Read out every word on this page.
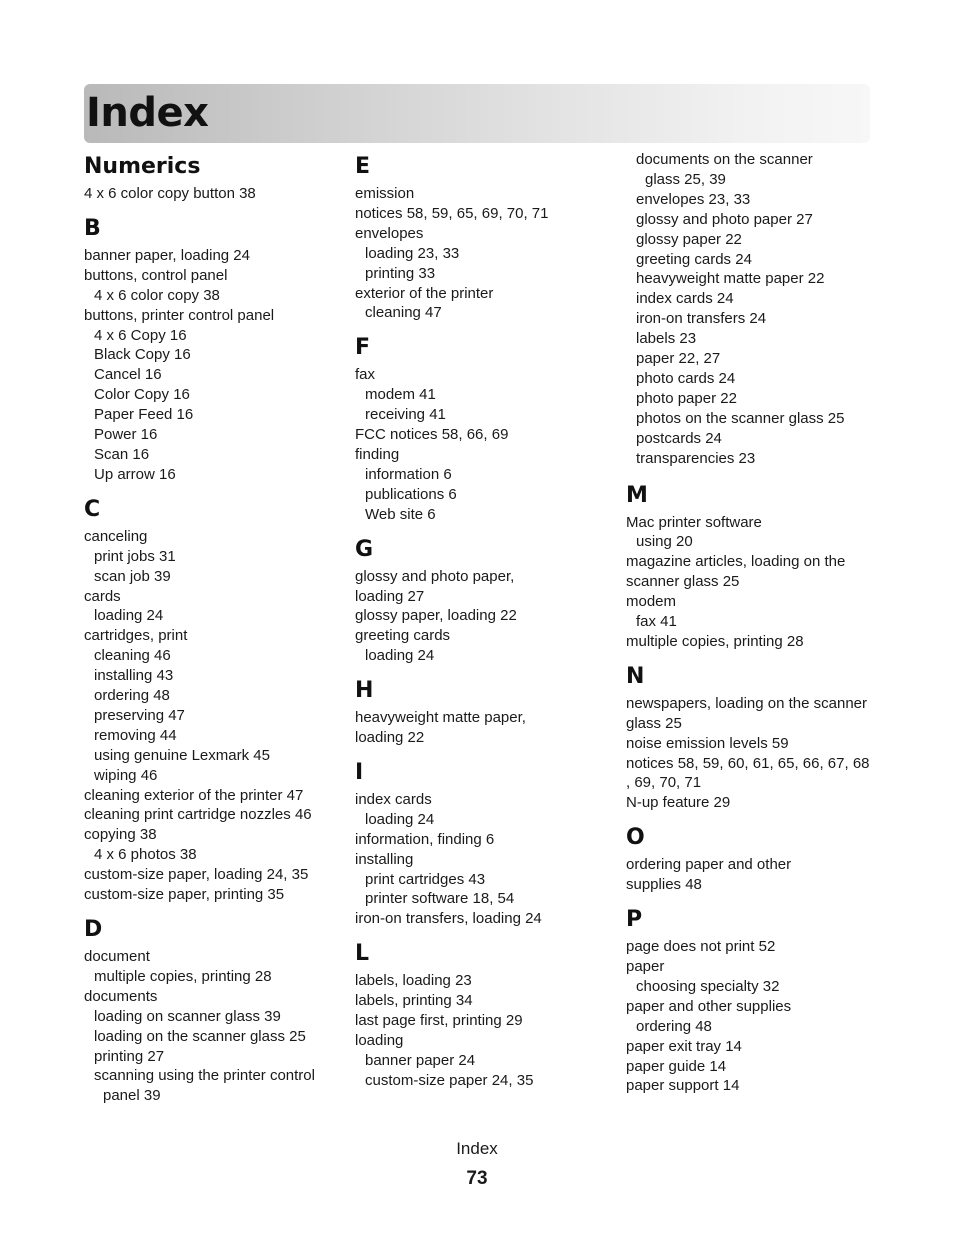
Index
Numerics
4 x 6 color copy button 38
B
banner paper, loading 24
buttons, control panel
4 x 6 color copy 38
buttons, printer control panel
4 x 6 Copy 16
Black Copy 16
Cancel 16
Color Copy 16
Paper Feed 16
Power 16
Scan 16
Up arrow 16
C
canceling
print jobs 31
scan job 39
cards
loading 24
cartridges, print
cleaning 46
installing 43
ordering 48
preserving 47
removing 44
using genuine Lexmark 45
wiping 46
cleaning exterior of the printer 47
cleaning print cartridge nozzles 46
copying 38
4 x 6 photos 38
custom-size paper, loading 24, 35
custom-size paper, printing 35
D
document
multiple copies, printing 28
documents
loading on scanner glass 39
loading on the scanner glass 25
printing 27
scanning using the printer control
panel 39
E
emission
notices 58, 59, 65, 69, 70, 71
envelopes
loading 23, 33
printing 33
exterior of the printer
cleaning 47
F
fax
modem 41
receiving 41
FCC notices 58, 66, 69
finding
information 6
publications 6
Web site 6
G
glossy and photo paper,
loading 27
glossy paper, loading 22
greeting cards
loading 24
H
heavyweight matte paper,
loading 22
I
index cards
loading 24
information, finding 6
installing
print cartridges 43
printer software 18, 54
iron-on transfers, loading 24
L
labels, loading 23
labels, printing 34
last page first, printing 29
loading
banner paper 24
custom-size paper 24, 35
documents on the scanner
glass 25, 39
envelopes 23, 33
glossy and photo paper 27
glossy paper 22
greeting cards 24
heavyweight matte paper 22
index cards 24
iron-on transfers 24
labels 23
paper 22, 27
photo cards 24
photo paper 22
photos on the scanner glass 25
postcards 24
transparencies 23
M
Mac printer software
using 20
magazine articles, loading on the
scanner glass 25
modem
fax 41
multiple copies, printing 28
N
newspapers, loading on the scanner
glass 25
noise emission levels 59
notices 58, 59, 60, 61, 65, 66, 67, 68
, 69, 70, 71
N-up feature 29
O
ordering paper and other
supplies 48
P
page does not print 52
paper
choosing specialty 32
paper and other supplies
ordering 48
paper exit tray 14
paper guide 14
paper support 14
Index
73
